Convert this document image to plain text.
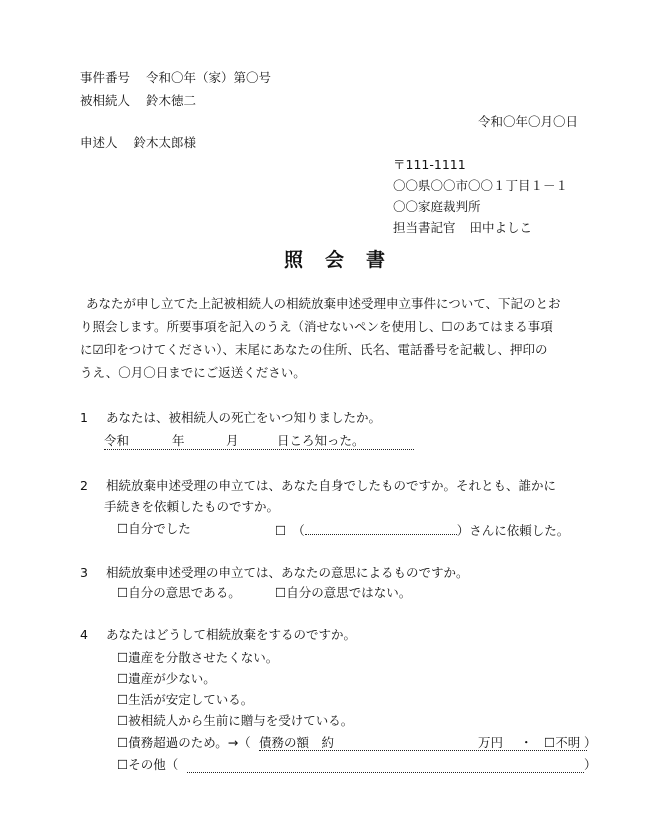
事件番号 令和〇年（家）第〇号
被相続人 鈴木徳二
令和〇年〇月〇日
申述人 鈴木太郎様
〒111-1111
〇〇県〇〇市〇〇１丁目１－１
〇〇家庭裁判所
担当書記官 田中よしこ
照会書
あなたが申し立てた上記被相続人の相続放棄申述受理申立事件について、下記のとお
り照会します。所要事項を記入のうえ（消せないペンを使用し、☐のあてはまる事項
に☑印をつけてください）、末尾にあなたの住所、氏名、電話番号を記載し、押印の
うえ、〇月〇日までにご返送ください。
1 あなたは、被相続人の死亡をいつ知りましたか。
令和	年	月	日ころ知った。
2 相続放棄申述受理の申立ては、あなた自身でしたものですか。それとも、誰かに
手続きを依頼したものですか。
☐自分でした	☐ （	）さんに依頼した。
3 相続放棄申述受理の申立ては、あなたの意思によるものですか。
☐自分の意思である。	☐自分の意思ではない。
4 あなたはどうして相続放棄をするのですか。
☐遺産を分散させたくない。
☐遺産が少ない。
☐生活が安定している。
☐被相続人から生前に贈与を受けている。
☐債務超過のため。→（ 債務の額　約	万円 ・ ☐不明 ）
☐その他（	）
